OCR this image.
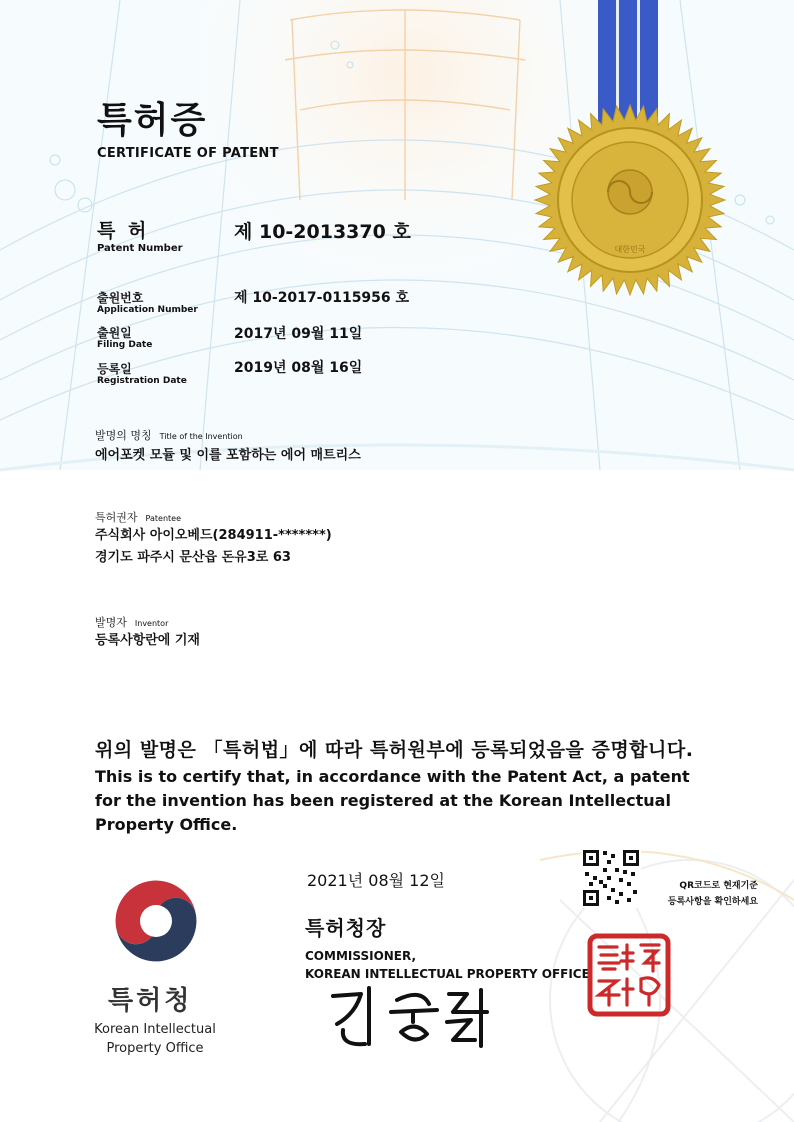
대한민국
특허증
CERTIFICATE OF PATENT
특 허
Patent Number
제 10-2013370 호
출원번호
Application Number
제 10-2017-0115956 호
출원일
Filing Date
2017년 09월 11일
등록일
Registration Date
2019년 08월 16일
발명의 명칭 Title of the Invention
에어포켓 모듈 및 이를 포함하는 에어 매트리스
특허권자 Patentee
주식회사 아이오베드(284911-*******)
경기도 파주시 문산읍 돈유3로 63
발명자 Inventor
등록사항란에 기재
위의 발명은 「특허법」에 따라 특허원부에 등록되었음을 증명합니다.
This is to certify that, in accordance with the Patent Act, a patent for the invention has been registered at the Korean Intellectual Property Office.
2021년 08월 12일	QR코드로 현재기준
등록사항을 확인하세요
특허청장
COMMISSIONER,
KOREAN INTELLECTUAL PROPERTY OFFICE
특허청
Korean Intellectual
Property Office
